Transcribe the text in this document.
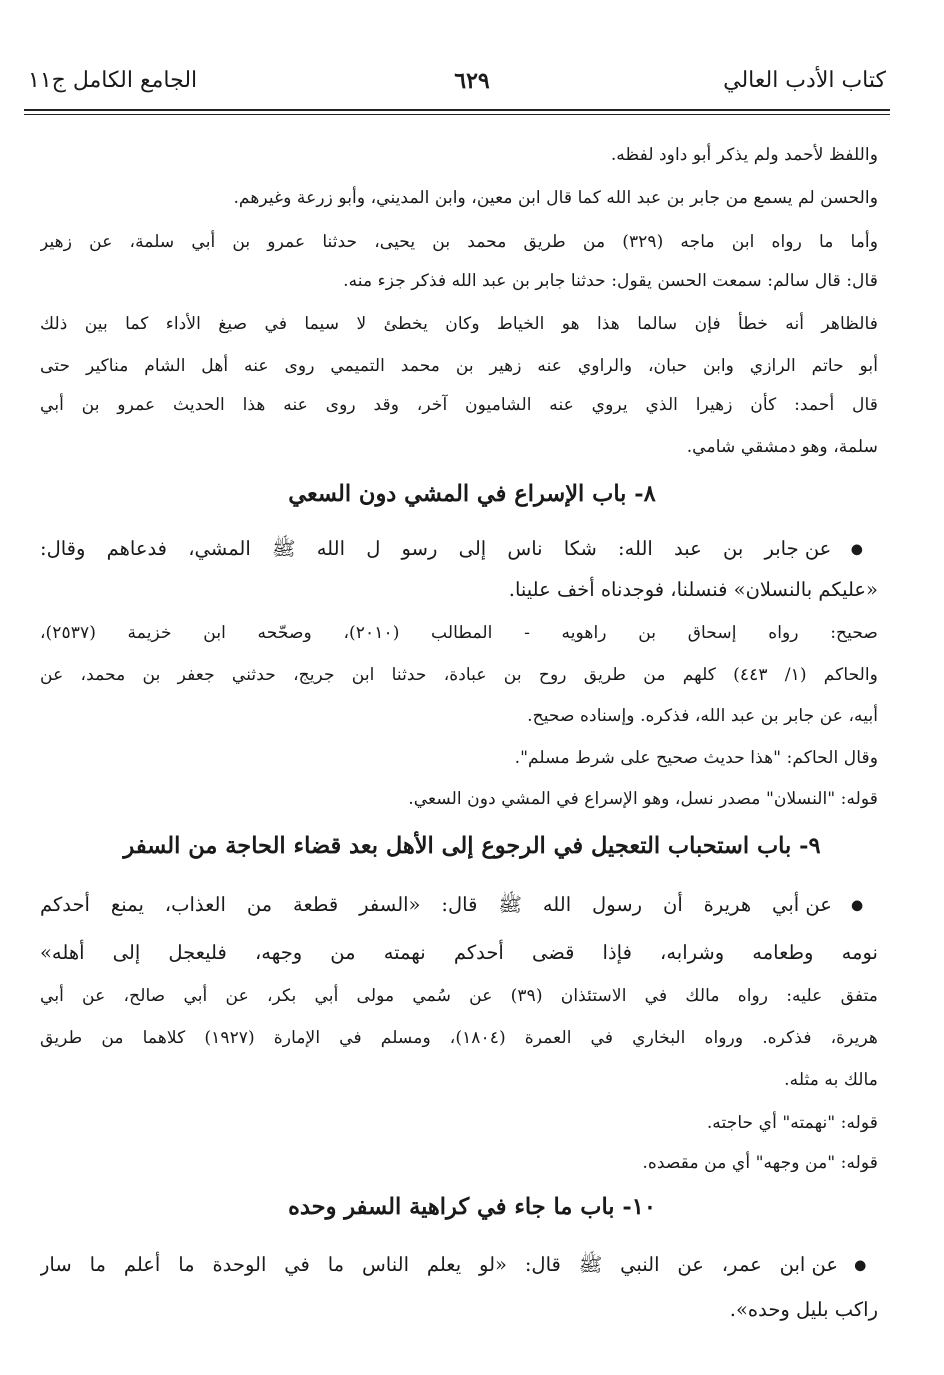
كتاب الأدب العالي
٦٢٩
الجامع الكامل ج١١
واللفظ لأحمد ولم يذكر أبو داود لفظه.
والحسن لم يسمع من جابر بن عبد الله كما قال ابن معين، وابن المديني، وأبو زرعة وغيرهم.
وأما ما رواه ابن ماجه (٣٢٩) من طريق محمد بن يحيى، حدثنا عمرو بن أبي سلمة، عن زهير
قال: قال سالم: سمعت الحسن يقول: حدثنا جابر بن عبد الله فذكر جزء منه.
فالظاهر أنه خطأ فإن سالما هذا هو الخياط وكان يخطئ لا سيما في صيغ الأداء كما بين ذلك
أبو حاتم الرازي وابن حبان، والراوي عنه زهير بن محمد التميمي روى عنه أهل الشام مناكير حتى
قال أحمد: كأن زهيرا الذي يروي عنه الشاميون آخر، وقد روى عنه هذا الحديث عمرو بن أبي
سلمة، وهو دمشقي شامي.
٨- باب الإسراع في المشي دون السعي
● عن جابر بن عبد الله: شكا ناس إلى رسو ل الله ﷺ المشي، فدعاهم وقال:
«عليكم بالنسلان» فنسلنا، فوجدناه أخف علينا.
صحيح: رواه إسحاق بن راهويه - المطالب (٢٠١٠)، وصحّحه ابن خزيمة (٢٥٣٧)،
والحاكم (١/ ٤٤٣) كلهم من طريق روح بن عبادة، حدثنا ابن جريج، حدثني جعفر بن محمد، عن
أبيه، عن جابر بن عبد الله، فذكره. وإسناده صحيح.
وقال الحاكم: "هذا حديث صحيح على شرط مسلم".
قوله: "النسلان" مصدر نسل، وهو الإسراع في المشي دون السعي.
٩- باب استحباب التعجيل في الرجوع إلى الأهل بعد قضاء الحاجة من السفر
● عن أبي هريرة أن رسول الله ﷺ قال: «السفر قطعة من العذاب، يمنع أحدكم
نومه وطعامه وشرابه، فإذا قضى أحدكم نهمته من وجهه، فليعجل إلى أهله»
متفق عليه: رواه مالك في الاستئذان (٣٩) عن سُمي مولى أبي بكر، عن أبي صالح، عن أبي
هريرة، فذكره. ورواه البخاري في العمرة (١٨٠٤)، ومسلم في الإمارة (١٩٢٧) كلاهما من طريق
مالك به مثله.
قوله: "نهمته" أي حاجته.
قوله: "من وجهه" أي من مقصده.
١٠- باب ما جاء في كراهية السفر وحده
● عن ابن عمر، عن النبي ﷺ قال: «لو يعلم الناس ما في الوحدة ما أعلم ما سار
راكب بليل وحده».
